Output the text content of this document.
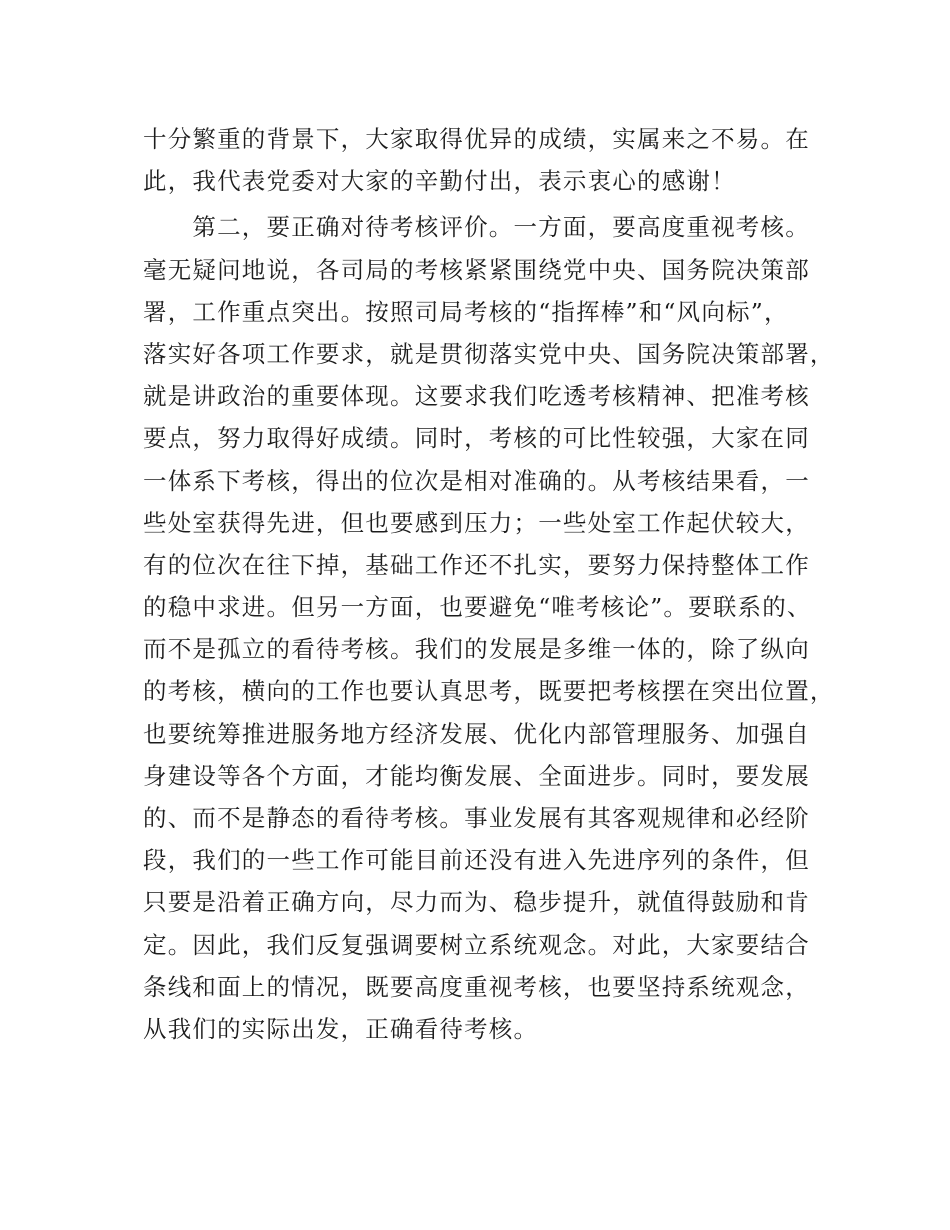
十分繁重的背景下，大家取得优异的成绩，实属来之不易。在
此，我代表党委对大家的辛勤付出，表示衷心的感谢！
　　第二，要正确对待考核评价。一方面，要高度重视考核。
毫无疑问地说，各司局的考核紧紧围绕党中央、国务院决策部
署，工作重点突出。按照司局考核的“指挥棒”和“风向标”，
落实好各项工作要求，就是贯彻落实党中央、国务院决策部署，
就是讲政治的重要体现。这要求我们吃透考核精神、把准考核
要点，努力取得好成绩。同时，考核的可比性较强，大家在同
一体系下考核，得出的位次是相对准确的。从考核结果看，一
些处室获得先进，但也要感到压力；一些处室工作起伏较大，
有的位次在往下掉，基础工作还不扎实，要努力保持整体工作
的稳中求进。但另一方面，也要避免“唯考核论”。要联系的、
而不是孤立的看待考核。我们的发展是多维一体的，除了纵向
的考核，横向的工作也要认真思考，既要把考核摆在突出位置，
也要统筹推进服务地方经济发展、优化内部管理服务、加强自
身建设等各个方面，才能均衡发展、全面进步。同时，要发展
的、而不是静态的看待考核。事业发展有其客观规律和必经阶
段，我们的一些工作可能目前还没有进入先进序列的条件，但
只要是沿着正确方向，尽力而为、稳步提升，就值得鼓励和肯
定。因此，我们反复强调要树立系统观念。对此，大家要结合
条线和面上的情况，既要高度重视考核，也要坚持系统观念，
从我们的实际出发，正确看待考核。
